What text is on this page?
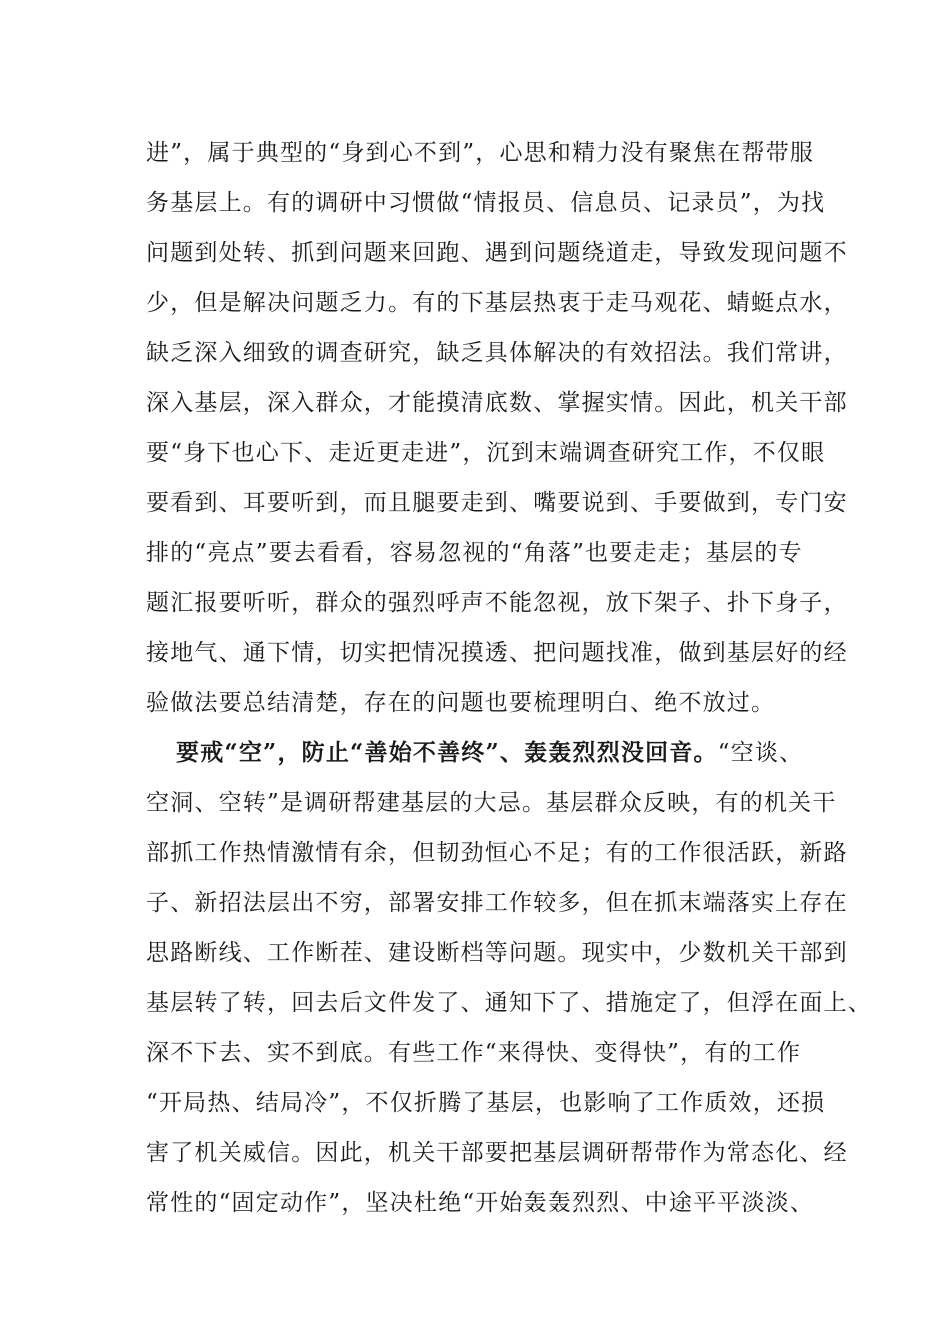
进”，属于典型的“身到心不到”，心思和精力没有聚焦在帮带服
务基层上。有的调研中习惯做“情报员、信息员、记录员”，为找
问题到处转、抓到问题来回跑、遇到问题绕道走，导致发现问题不
少，但是解决问题乏力。有的下基层热衷于走马观花、蜻蜓点水，
缺乏深入细致的调查研究，缺乏具体解决的有效招法。我们常讲，
深入基层，深入群众，才能摸清底数、掌握实情。因此，机关干部
要“身下也心下、走近更走进”，沉到末端调查研究工作，不仅眼
要看到、耳要听到，而且腿要走到、嘴要说到、手要做到，专门安
排的“亮点”要去看看，容易忽视的“角落”也要走走；基层的专
题汇报要听听，群众的强烈呼声不能忽视，放下架子、扑下身子，
接地气、通下情，切实把情况摸透、把问题找准，做到基层好的经
验做法要总结清楚，存在的问题也要梳理明白、绝不放过。
要戒“空”，防止“善始不善终”、轰轰烈烈没回音。“空谈、
空洞、空转”是调研帮建基层的大忌。基层群众反映，有的机关干
部抓工作热情激情有余，但韧劲恒心不足；有的工作很活跃，新路
子、新招法层出不穷，部署安排工作较多，但在抓末端落实上存在
思路断线、工作断茬、建设断档等问题。现实中，少数机关干部到
基层转了转，回去后文件发了、通知下了、措施定了，但浮在面上、
深不下去、实不到底。有些工作“来得快、变得快”，有的工作
“开局热、结局冷”，不仅折腾了基层，也影响了工作质效，还损
害了机关威信。因此，机关干部要把基层调研帮带作为常态化、经
常性的“固定动作”，坚决杜绝“开始轰轰烈烈、中途平平淡淡、
